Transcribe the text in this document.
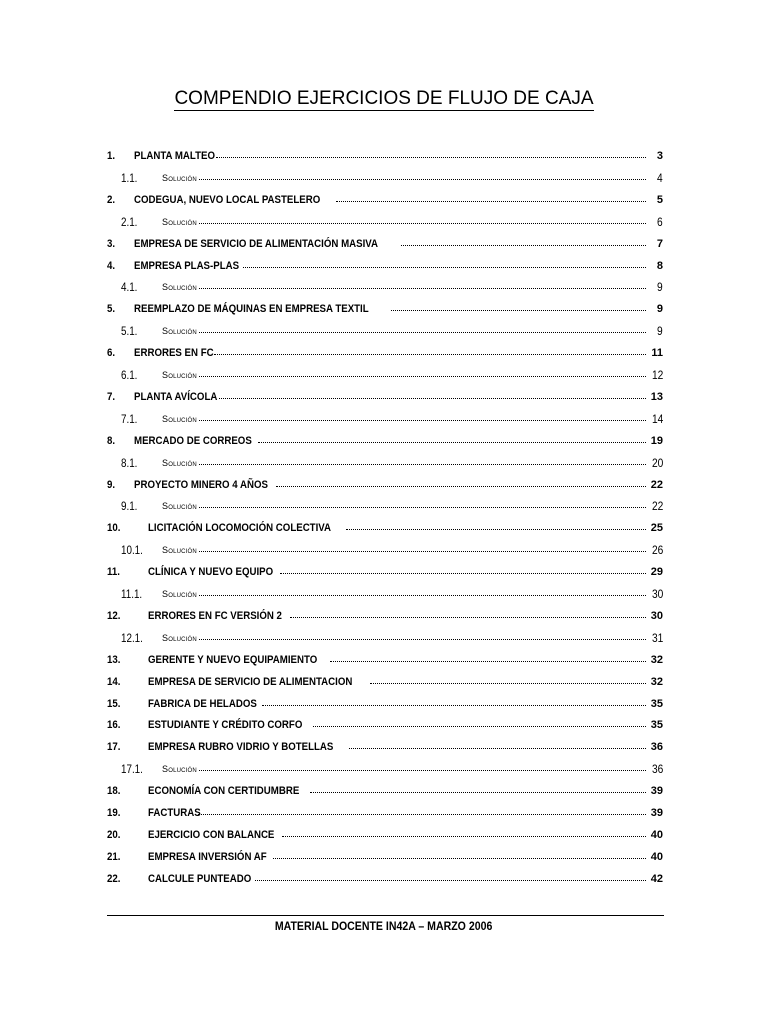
COMPENDIO EJERCICIOS DE FLUJO DE CAJA
1. PLANTA MALTEO	3
1.1.	Solución	4
2. CODEGUA, NUEVO LOCAL PASTELERO	5
2.1.	Solución	6
3. EMPRESA DE SERVICIO DE ALIMENTACIÓN MASIVA	7
4. EMPRESA PLAS-PLAS	8
4.1.	Solución	9
5. REEMPLAZO DE MÁQUINAS EN EMPRESA TEXTIL	9
5.1.	Solución	9
6. ERRORES EN FC	11
6.1.	Solución	12
7. PLANTA AVÍCOLA	13
7.1.	Solución	14
8. MERCADO DE CORREOS	19
8.1.	Solución	20
9. PROYECTO MINERO 4 AÑOS	22
9.1.	Solución	22
10.	LICITACIÓN LOCOMOCIÓN COLECTIVA	25
10.1. Solución	26
11.	CLÍNICA Y NUEVO EQUIPO	29
11.1. Solución	30
12.	ERRORES EN FC VERSIÓN 2	30
12.1. Solución	31
13.	GERENTE Y NUEVO EQUIPAMIENTO	32
14.	EMPRESA DE SERVICIO DE ALIMENTACION	32
15.	FABRICA DE HELADOS	35
16.	ESTUDIANTE Y CRÉDITO CORFO	35
17.	EMPRESA RUBRO VIDRIO Y BOTELLAS	36
17.1. Solución	36
18.	ECONOMÍA CON CERTIDUMBRE	39
19.	FACTURAS	39
20.	EJERCICIO CON BALANCE	40
21.	EMPRESA INVERSIÓN AF	40
22.	CALCULE PUNTEADO	42
MATERIAL DOCENTE IN42A – MARZO 2006
